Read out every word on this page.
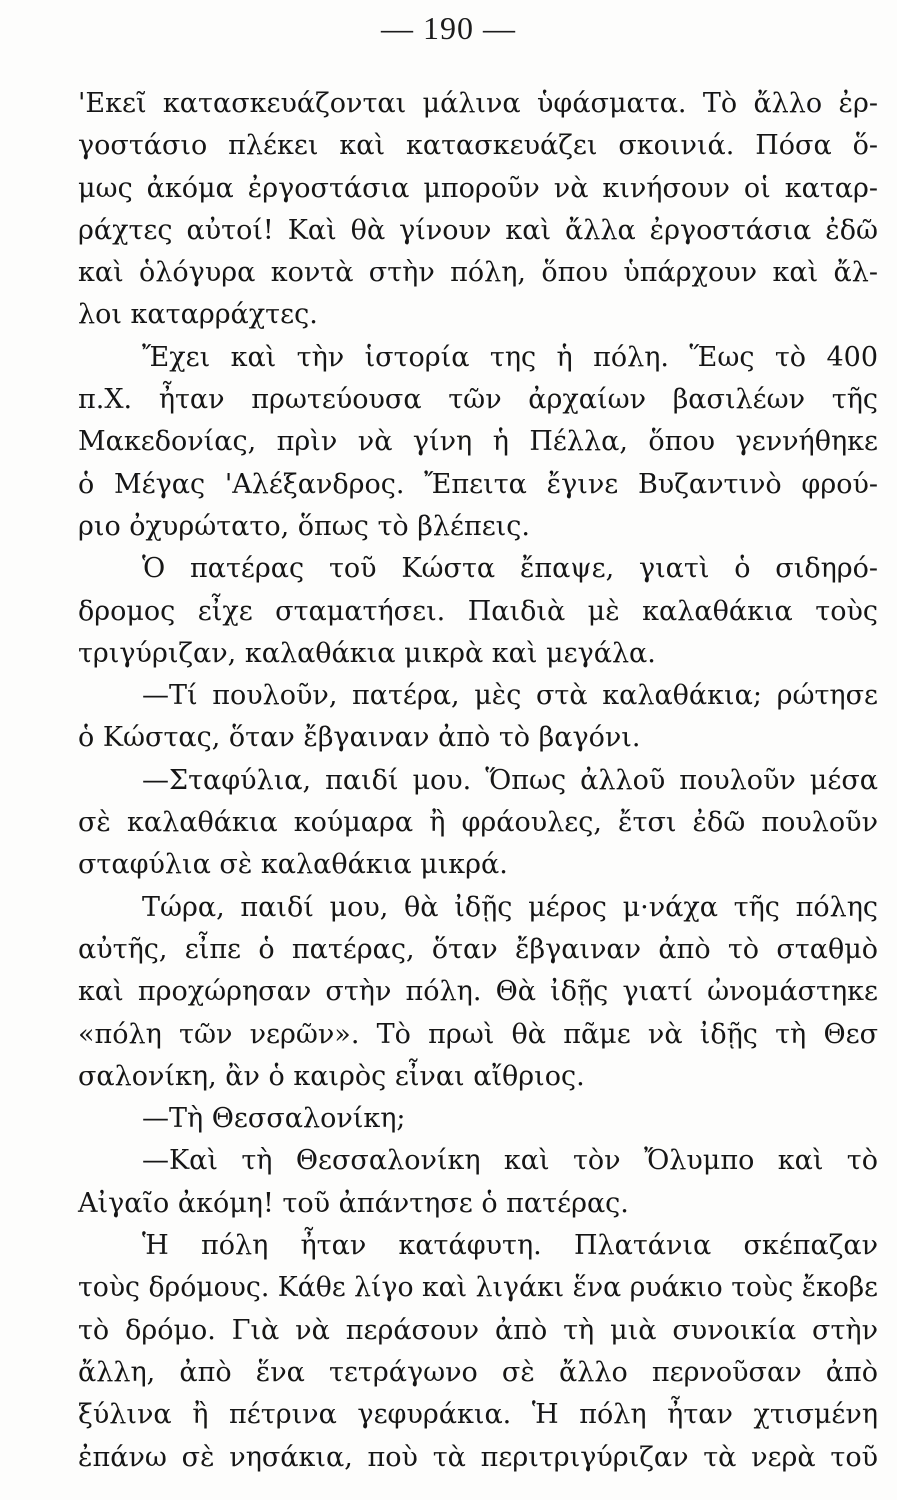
— 190 —
'Εκεῖ κατασκευάζονται μάλινα ὑφάσματα. Τὸ ἄλλο ἐρ-
γοστάσιο πλέκει καὶ κατασκευάζει σκοινιά. Πόσα ὅ-
μως ἀκόμα ἐργοστάσια μποροῦν νὰ κινήσουν οἱ καταρ-
ράχτες αὐτοί! Καὶ θὰ γίνουν καὶ ἄλλα ἐργοστάσια ἐδῶ
καὶ ὁλόγυρα κοντὰ στὴν πόλη, ὅπου ὑπάρχουν καὶ ἄλ-
λοι καταρράχτες.
Ἔχει καὶ τὴν ἱστορία της ἡ πόλη. Ἕως τὸ 400
π.Χ. ἦταν πρωτεύουσα τῶν ἀρχαίων βασιλέων τῆς
Μακεδονίας, πρὶν νὰ γίνη ἡ Πέλλα, ὅπου γεννήθηκε
ὁ Μέγας 'Αλέξανδρος. Ἔπειτα ἔγινε Βυζαντινὸ φρού-
ριο ὀχυρώτατο, ὅπως τὸ βλέπεις.
Ὁ πατέρας τοῦ Κώστα ἔπαψε, γιατὶ ὁ σιδηρό-
δρομος εἶχε σταματήσει. Παιδιὰ μὲ καλαθάκια τοὺς
τριγύριζαν, καλαθάκια μικρὰ καὶ μεγάλα.
—Τί πουλοῦν, πατέρα, μὲς στὰ καλαθάκια; ρώτησε
ὁ Κώστας, ὅταν ἔβγαιναν ἀπὸ τὸ βαγόνι.
—Σταφύλια, παιδί μου. Ὅπως ἀλλοῦ πουλοῦν μέσα
σὲ καλαθάκια κούμαρα ἢ φράουλες, ἔτσι ἐδῶ πουλοῦν
σταφύλια σὲ καλαθάκια μικρά.
Τώρα, παιδί μου, θὰ ἰδῇς μέρος μ·νάχα τῆς πόλης
αὐτῆς, εἶπε ὁ πατέρας, ὅταν ἔβγαιναν ἀπὸ τὸ σταθμὸ
καὶ προχώρησαν στὴν πόλη. Θὰ ἰδῇς γιατί ὠνομάστηκε
«πόλη τῶν νερῶν». Τὸ πρωὶ θὰ πᾶμε νὰ ἰδῇς τὴ Θεσ
σαλονίκη, ἂν ὁ καιρὸς εἶναι αἴθριος.
—Τὴ Θεσσαλονίκη;
—Καὶ τὴ Θεσσαλονίκη καὶ τὸν Ὄλυμπο καὶ τὸ
Αἰγαῖο ἀκόμη! τοῦ ἀπάντησε ὁ πατέρας.
Ἡ πόλη ἦταν κατάφυτη. Πλατάνια σκέπαζαν
τοὺς δρόμους. Κάθε λίγο καὶ λιγάκι ἕνα ρυάκιο τοὺς ἔκοβε
τὸ δρόμο. Γιὰ νὰ περάσουν ἀπὸ τὴ μιὰ συνοικία στὴν
ἄλλη, ἀπὸ ἕνα τετράγωνο σὲ ἄλλο περνοῦσαν ἀπὸ
ξύλινα ἢ πέτρινα γεφυράκια. Ἡ πόλη ἦταν χτισμένη
ἐπάνω σὲ νησάκια, ποὺ τὰ περιτριγύριζαν τὰ νερὰ τοῦ
